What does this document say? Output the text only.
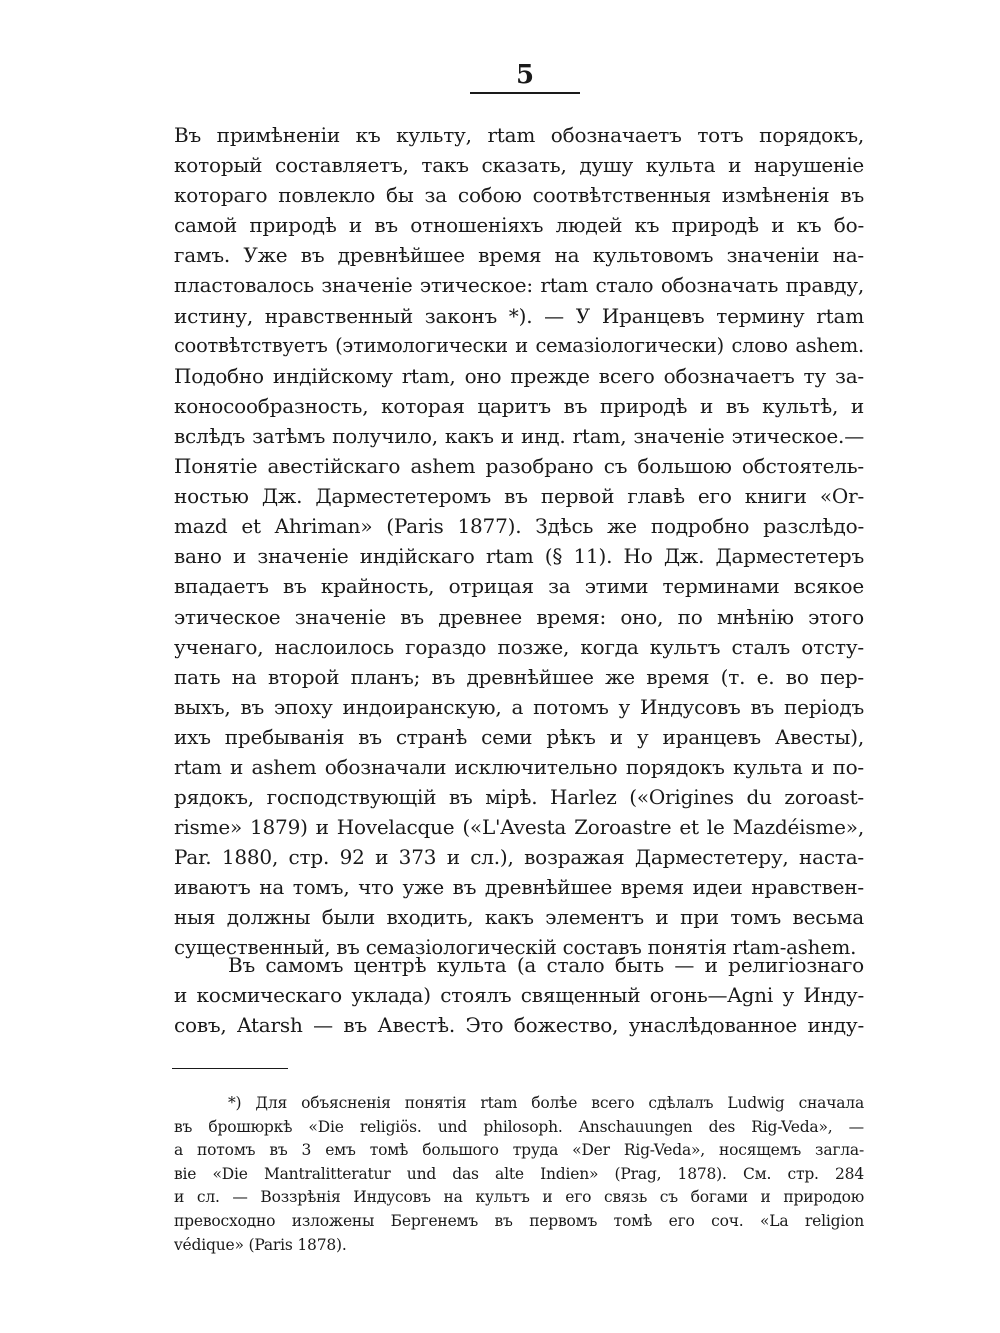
5
Въ примѣненіи къ культу, rtam обозначаетъ тотъ порядокъ,
который составляетъ, такъ сказать, душу культа и нарушеніе
котораго повлекло бы за собою соотвѣтственныя измѣненія въ
самой природѣ и въ отношеніяхъ людей къ природѣ и къ бо-
гамъ. Уже въ древнѣйшее время на культовомъ значеніи на-
пластовалось значеніе этическое: rtam стало обозначать правду,
истину, нравственный законъ *). — У Иранцевъ термину rtam
соотвѣтствуетъ (этимологически и семазіологически) слово ashem.
Подобно индійскому rtam, оно прежде всего обозначаетъ ту за-
коносообразность, которая царитъ въ природѣ и въ культѣ, и
вслѣдъ затѣмъ получило, какъ и инд. rtam, значеніе этическое.—
Понятіе авестійскаго ashem разобрано съ большою обстоятель-
ностью Дж. Дарместетеромъ въ первой главѣ его книги «Or-
mazd et Ahriman» (Paris 1877). Здѣсь же подробно разслѣдо-
вано и значеніе индійскаго rtam (§ 11). Но Дж. Дарместетеръ
впадаетъ въ крайность, отрицая за этими терминами всякое
этическое значеніе въ древнее время: оно, по мнѣнію этого
ученаго, наслоилось гораздо позже, когда культъ сталъ отсту-
пать на второй планъ; въ древнѣйшее же время (т. е. во пер-
выхъ, въ эпоху индоиранскую, а потомъ у Индусовъ въ періодъ
ихъ пребыванія въ странѣ семи рѣкъ и у иранцевъ Авесты),
rtam и ashem обозначали исключительно порядокъ культа и по-
рядокъ, господствующій въ мірѣ. Harlez («Origines du zoroast-
risme» 1879) и Hovelacque («L'Avesta Zoroastre et le Mazdéisme»,
Par. 1880, стр. 92 и 373 и сл.), возражая Дарместетеру, наста-
иваютъ на томъ, что уже въ древнѣйшее время идеи нравствен-
ныя должны были входить, какъ элементъ и при томъ весьма
существенный, въ семазіологическій составъ понятія rtam-ashem.
Въ самомъ центрѣ культа (а стало быть — и религіознаго
и космическаго уклада) стоялъ священный огонь—Agni у Инду-
совъ, Atarsh — въ Авестѣ. Это божество, унаслѣдованное инду-
*) Для объясненія понятія rtam болѣе всего сдѣлалъ Ludwig сначала
въ брошюркѣ «Die religiös. und philosoph. Anschauungen des Rig-Veda», —
а потомъ въ 3 емъ томѣ большого труда «Der Rig-Veda», носящемъ загла-
віе «Die Mantralitteratur und das alte Indien» (Prag, 1878). См. стр. 284
и сл. — Воззрѣнія Индусовъ на культъ и его связь съ богами и природою
превосходно изложены Бергенемъ въ первомъ томѣ его соч. «La religion
védique» (Paris 1878).
